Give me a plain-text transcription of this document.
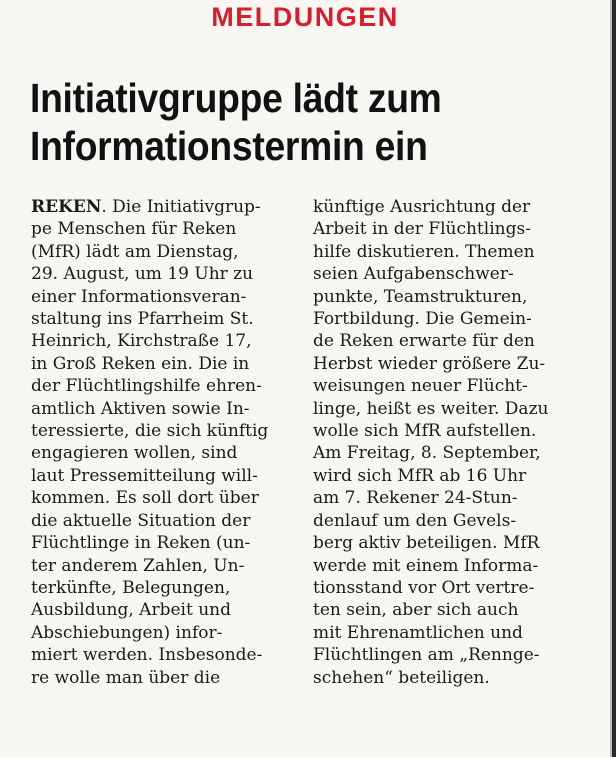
MELDUNGEN
Initiativgruppe lädt zum
Informationstermin ein
REKEN. Die Initiativgrup-
pe Menschen für Reken
(MfR) lädt am Dienstag,
29. August, um 19 Uhr zu
einer Informationsveran-
staltung ins Pfarrheim St.
Heinrich, Kirchstraße 17,
in Groß Reken ein. Die in
der Flüchtlingshilfe ehren-
amtlich Aktiven sowie In-
teressierte, die sich künftig
engagieren wollen, sind
laut Pressemitteilung will-
kommen. Es soll dort über
die aktuelle Situation der
Flüchtlinge in Reken (un-
ter anderem Zahlen, Un-
terkünfte, Belegungen,
Ausbildung, Arbeit und
Abschiebungen) infor-
miert werden. Insbesonde-
re wolle man über die
künftige Ausrichtung der
Arbeit in der Flüchtlings-
hilfe diskutieren. Themen
seien Aufgabenschwer-
punkte, Teamstrukturen,
Fortbildung. Die Gemein-
de Reken erwarte für den
Herbst wieder größere Zu-
weisungen neuer Flücht-
linge, heißt es weiter. Dazu
wolle sich MfR aufstellen.
Am Freitag, 8. September,
wird sich MfR ab 16 Uhr
am 7. Rekener 24-Stun-
denlauf um den Gevels-
berg aktiv beteiligen. MfR
werde mit einem Informa-
tionsstand vor Ort vertre-
ten sein, aber sich auch
mit Ehrenamtlichen und
Flüchtlingen am „Rennge-
schehen“ beteiligen.
